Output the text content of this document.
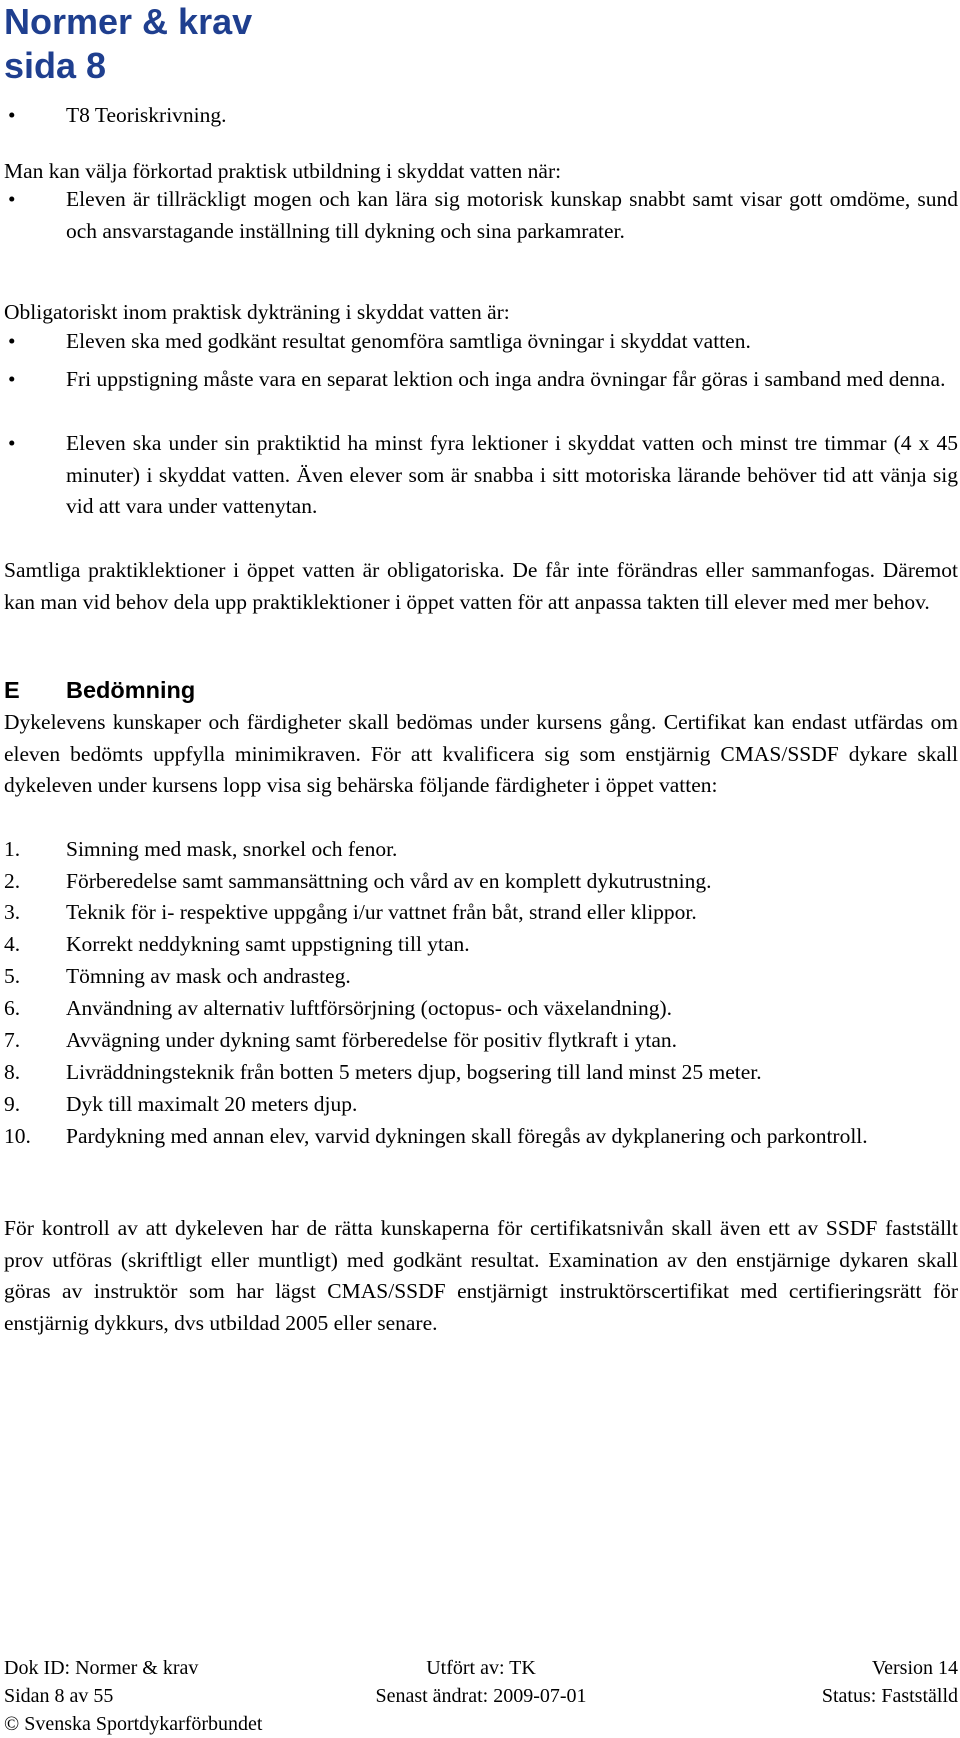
Normer & krav
sida 8
• T8 Teoriskrivning.
Man kan välja förkortad praktisk utbildning i skyddat vatten när:
• Eleven är tillräckligt mogen och kan lära sig motorisk kunskap snabbt samt visar gott omdöme, sund och ansvarstagande inställning till dykning och sina parkamrater.
Obligatoriskt inom praktisk dykträning i skyddat vatten är:
• Eleven ska med godkänt resultat genomföra samtliga övningar i skyddat vatten.
• Fri uppstigning måste vara en separat lektion och inga andra övningar får göras i samband med denna.
• Eleven ska under sin praktiktid ha minst fyra lektioner i skyddat vatten och minst tre timmar (4 x 45 minuter) i skyddat vatten. Även elever som är snabba i sitt motoriska lärande behöver tid att vänja sig vid att vara under vattenytan.
Samtliga praktiklektioner i öppet vatten är obligatoriska. De får inte förändras eller sammanfogas. Däremot kan man vid behov dela upp praktiklektioner i öppet vatten för att anpassa takten till elever med mer behov.
E Bedömning
Dykelevens kunskaper och färdigheter skall bedömas under kursens gång. Certifikat kan endast utfärdas om eleven bedömts uppfylla minimikraven. För att kvalificera sig som enstjärnig CMAS/SSDF dykare skall dykeleven under kursens lopp visa sig behärska följande färdigheter i öppet vatten:
1. Simning med mask, snorkel och fenor.
2. Förberedelse samt sammansättning och vård av en komplett dykutrustning.
3. Teknik för i- respektive uppgång i/ur vattnet från båt, strand eller klippor.
4. Korrekt neddykning samt uppstigning till ytan.
5. Tömning av mask och andrasteg.
6. Användning av alternativ luftförsörjning (octopus- och växelandning).
7. Avvägning under dykning samt förberedelse för positiv flytkraft i ytan.
8. Livräddningsteknik från botten 5 meters djup, bogsering till land minst 25 meter.
9. Dyk till maximalt 20 meters djup.
10. Pardykning med annan elev, varvid dykningen skall föregås av dykplanering och parkontroll.
För kontroll av att dykeleven har de rätta kunskaperna för certifikatsnivån skall även ett av SSDF fastställt prov utföras (skriftligt eller muntligt) med godkänt resultat. Examination av den enstjärnige dykaren skall göras av instruktör som har lägst CMAS/SSDF enstjärnigt instruktörscertifikat med certifieringsrätt för enstjärnig dykkurs, dvs utbildad 2005 eller senare.
Dok ID: Normer & krav	Utfört av: TK	Version 14
Sidan 8 av 55	Senast ändrat: 2009-07-01	Status: Fastställd
© Svenska Sportdykarförbundet
